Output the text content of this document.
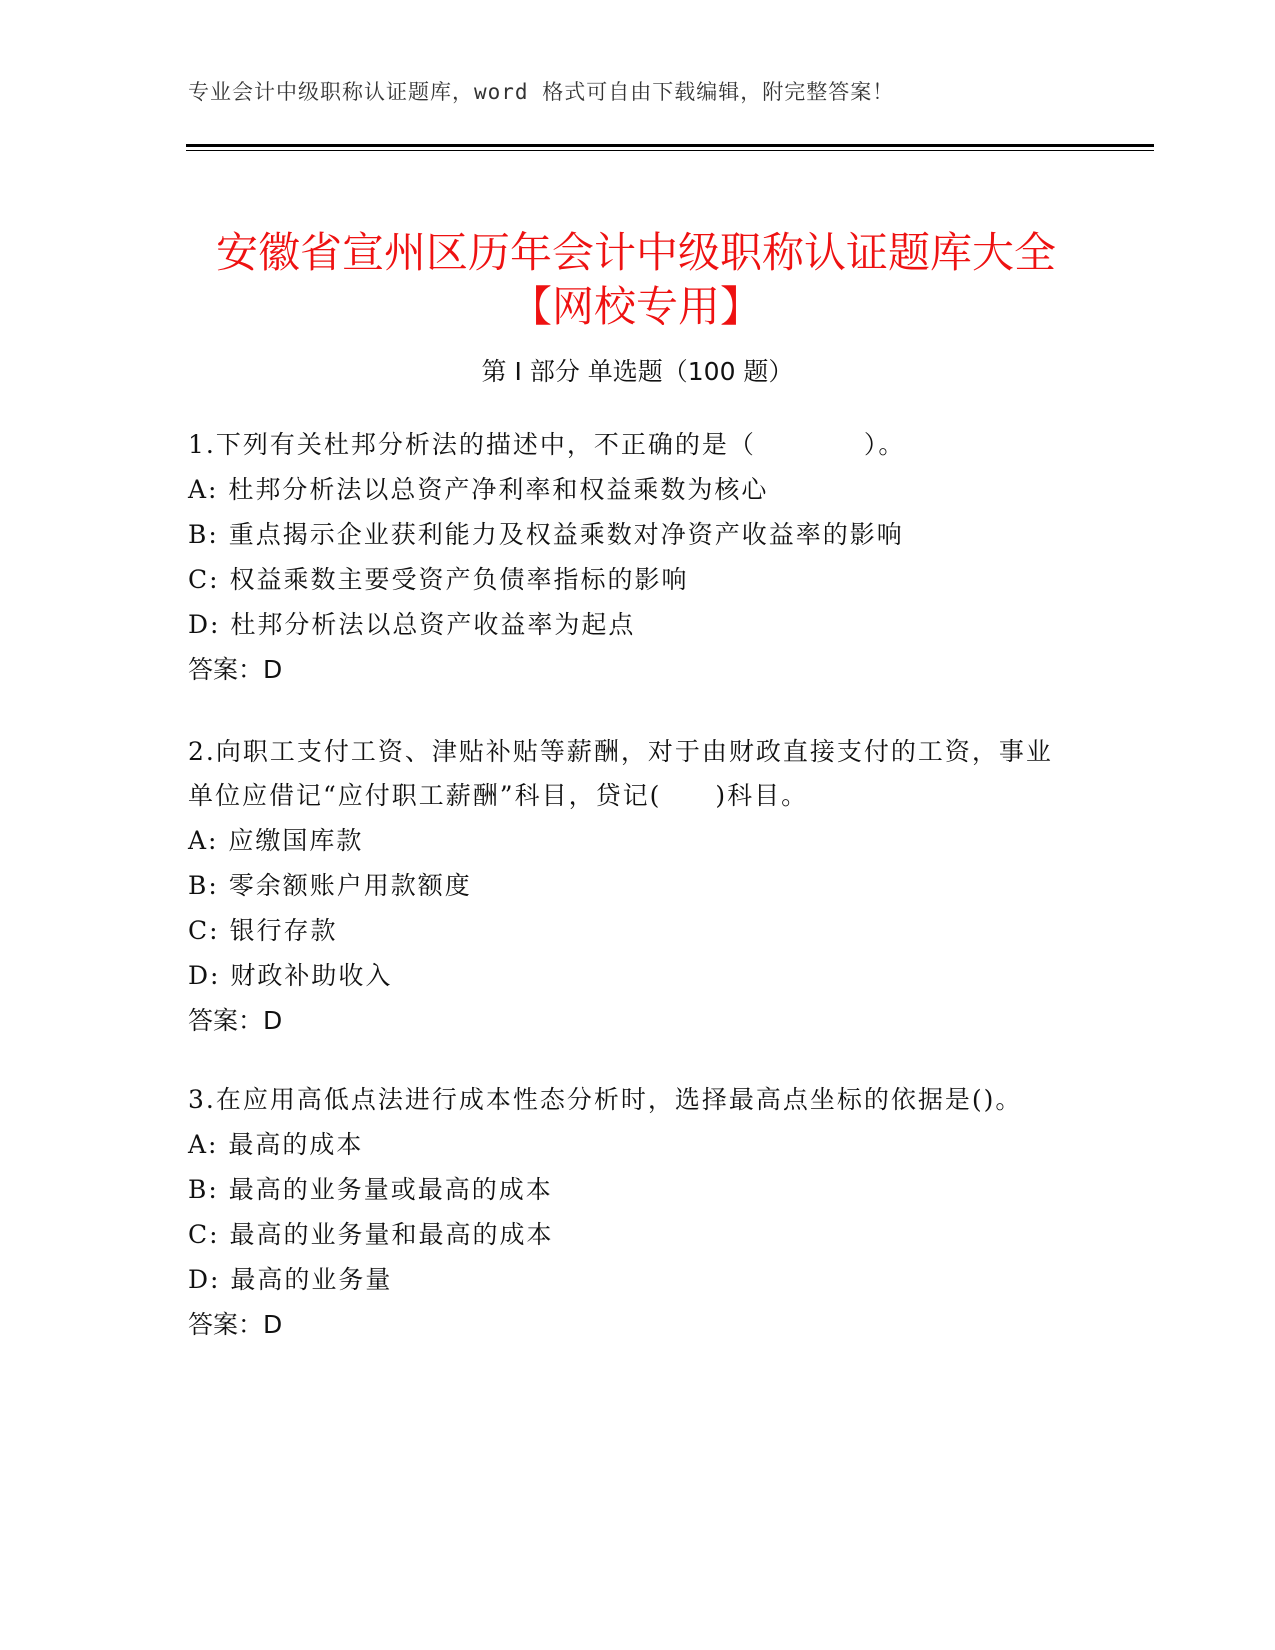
专业会计中级职称认证题库，word 格式可自由下载编辑，附完整答案！
安徽省宣州区历年会计中级职称认证题库大全【网校专用】
第 I 部分 单选题（100 题）

1.下列有关杜邦分析法的描述中，不正确的是（　　　　）。

A: 杜邦分析法以总资产净利率和权益乘数为核心

B: 重点揭示企业获利能力及权益乘数对净资产收益率的影响

C: 权益乘数主要受资产负债率指标的影响

D: 杜邦分析法以总资产收益率为起点

答案：D

2.向职工支付工资、津贴补贴等薪酬，对于由财政直接支付的工资，事业单位应借记“应付职工薪酬”科目，贷记(　　)科目。

A: 应缴国库款

B: 零余额账户用款额度

C: 银行存款

D: 财政补助收入

答案：D

3.在应用高低点法进行成本性态分析时，选择最高点坐标的依据是()。

A: 最高的成本

B: 最高的业务量或最高的成本

C: 最高的业务量和最高的成本

D: 最高的业务量

答案：D
